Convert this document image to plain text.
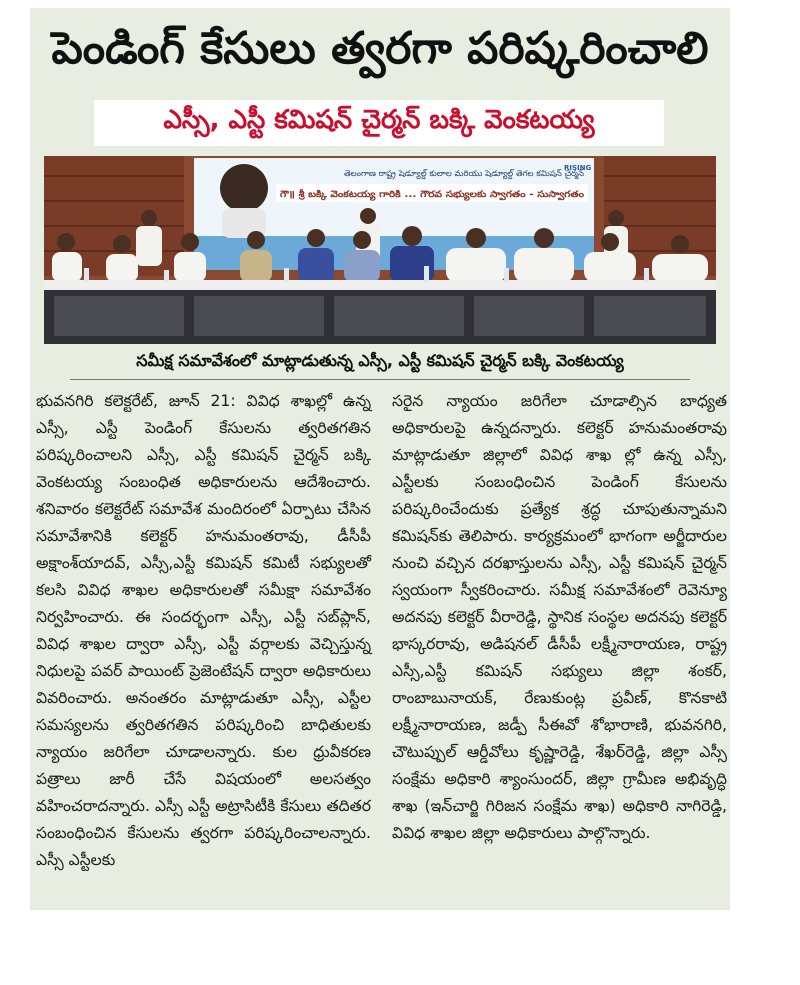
పెండింగ్ కేసులు త్వరగా పరిష్కరించాలి
ఎస్సీ, ఎస్టీ కమిషన్ చైర్మన్ బక్కి వెంకటయ్య
తెలంగాణ రాష్ట్ర షెడ్యూల్డ్ కులాల మరియు షెడ్యూల్డ్ తెగల కమిషన్ చైర్మన్
గౌ॥ శ్రీ బక్కి వెంకటయ్య గారికి ... గౌరవ సభ్యులకు స్వాగతం - సుస్వాగతం
RISING
సమీక్ష సమావేశంలో మాట్లాడుతున్న ఎస్సీ, ఎస్టీ కమిషన్ చైర్మన్ బక్కి వెంకటయ్య

భువనగిరి కలెక్టరేట్, జూన్ 21: వివిధ శాఖల్లో ఉన్న ఎస్సీ, ఎస్టీ పెండింగ్ కేసులను త్వరితగతిన పరిష్కరించాలని ఎస్సీ, ఎస్టీ కమిషన్ చైర్మన్ బక్కి వెంకటయ్య సంబంధిత అధికారులను ఆదేశించారు. శనివారం కలెక్టరేట్ సమావేశ మందిరంలో ఏర్పాటు చేసిన సమావేశానికి కలెక్టర్ హనుమంతరావు, డీసీపీ అక్షాంశ్‌యాదవ్, ఎస్సీ,ఎస్టీ కమిషన్ కమిటీ సభ్యులతో కలసి వివిధ శాఖల అధికారులతో సమీక్షా సమావేశం నిర్వహించారు. ఈ సందర్భంగా ఎస్సీ, ఎస్టీ సబ్‌ప్లాన్, వివిధ శాఖల ద్వారా ఎస్సీ, ఎస్టీ వర్గాలకు వెచ్చిస్తున్న నిధులపై పవర్ పాయింట్ ప్రెజెంటేషన్ ద్వారా అధికారులు వివరించారు. అనంతరం మాట్లాడుతూ ఎస్సీ, ఎస్టీల సమస్యలను త్వరితగతిన పరిష్కరించి బాధితులకు న్యాయం జరిగేలా చూడాలన్నారు. కుల ధ్రువీకరణ పత్రాలు జారీ చేసే విషయంలో అలసత్వం వహించరాదన్నారు. ఎస్సీ ఎస్టీ అట్రాసిటీకి కేసులు తదితర సంబంధించిన కేసులను త్వరగా పరిష్కరించాలన్నారు. ఎస్సీ ఎస్టీలకు

సరైన న్యాయం జరిగేలా చూడాల్సిన బాధ్యత అధికారులపై ఉన్నదన్నారు. కలెక్టర్ హనుమంతరావు మాట్లాడుతూ జిల్లాలో వివిధ శాఖ ల్లో ఉన్న ఎస్సీ, ఎస్టీలకు సంబంధించిన పెండింగ్ కేసులను పరిష్కరించేందుకు ప్రత్యేక శ్రద్ధ చూపుతున్నామని కమిషన్‌కు తెలిపారు. కార్యక్రమంలో భాగంగా అర్జీదారుల నుంచి వచ్చిన దరఖాస్తులను ఎస్సీ, ఎస్టీ కమిషన్ చైర్మన్ స్వయంగా స్వీకరించారు. సమీక్ష సమావేశంలో రెవెన్యూ అదనపు కలెక్టర్ వీరారెడ్డి, స్థానిక సంస్థల అదనపు కలెక్టర్ భాస్కరరావు, అడిషనల్ డీసీపీ లక్ష్మీనారాయణ, రాష్ట్ర ఎస్సీ,ఎస్టీ కమిషన్ సభ్యులు జిల్లా శంకర్, రాంబాబునాయక్, రేణుకుంట్ల ప్రవీణ్, కొనకాటి లక్ష్మీనారాయణ, జడ్పీ సీఈవో శోభారాణి, భువనగిరి, చౌటుప్పుల్ ఆర్డీవోలు కృష్ణారెడ్డి, శేఖర్‌రెడ్డి, జిల్లా ఎస్సీ సంక్షేమ అధికారి శ్యాంసుందర్, జిల్లా గ్రామీణ అభివృద్ధి శాఖ (ఇన్‌చార్జి గిరిజన సంక్షేమ శాఖ) అధికారి నాగిరెడ్డి, వివిధ శాఖల జిల్లా అధికారులు పాల్గొన్నారు.
